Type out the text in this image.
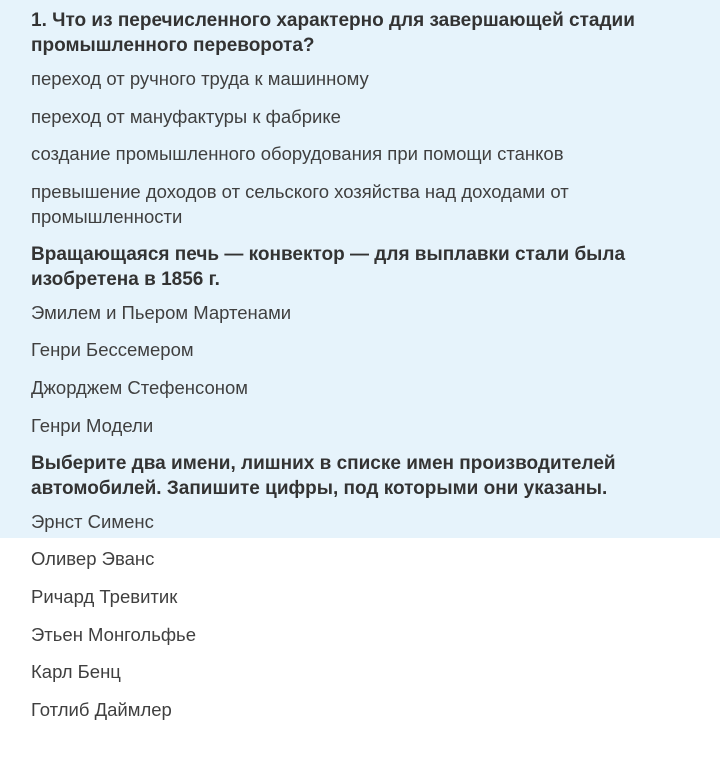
1. Что из перечисленного характерно для завершающей стадии промышленного переворота?

переход от ручного труда к машинному

переход от мануфактуры к фабрике

создание промышленного оборудования при помощи станков

превышение доходов от сельского хозяйства над доходами от промышленности

Вращающаяся печь — конвектор — для выплавки стали была изобретена в 1856 г.

Эмилем и Пьером Мартенами

Генри Бессемером

Джорджем Стефенсоном

Генри Модели

Выберите два имени, лишних в списке имен производителей автомобилей. Запишите цифры, под которыми они указаны.

Эрнст Сименс

Оливер Эванс

Ричард Тревитик

Этьен Монгольфье

Карл Бенц

Готлиб Даймлер
